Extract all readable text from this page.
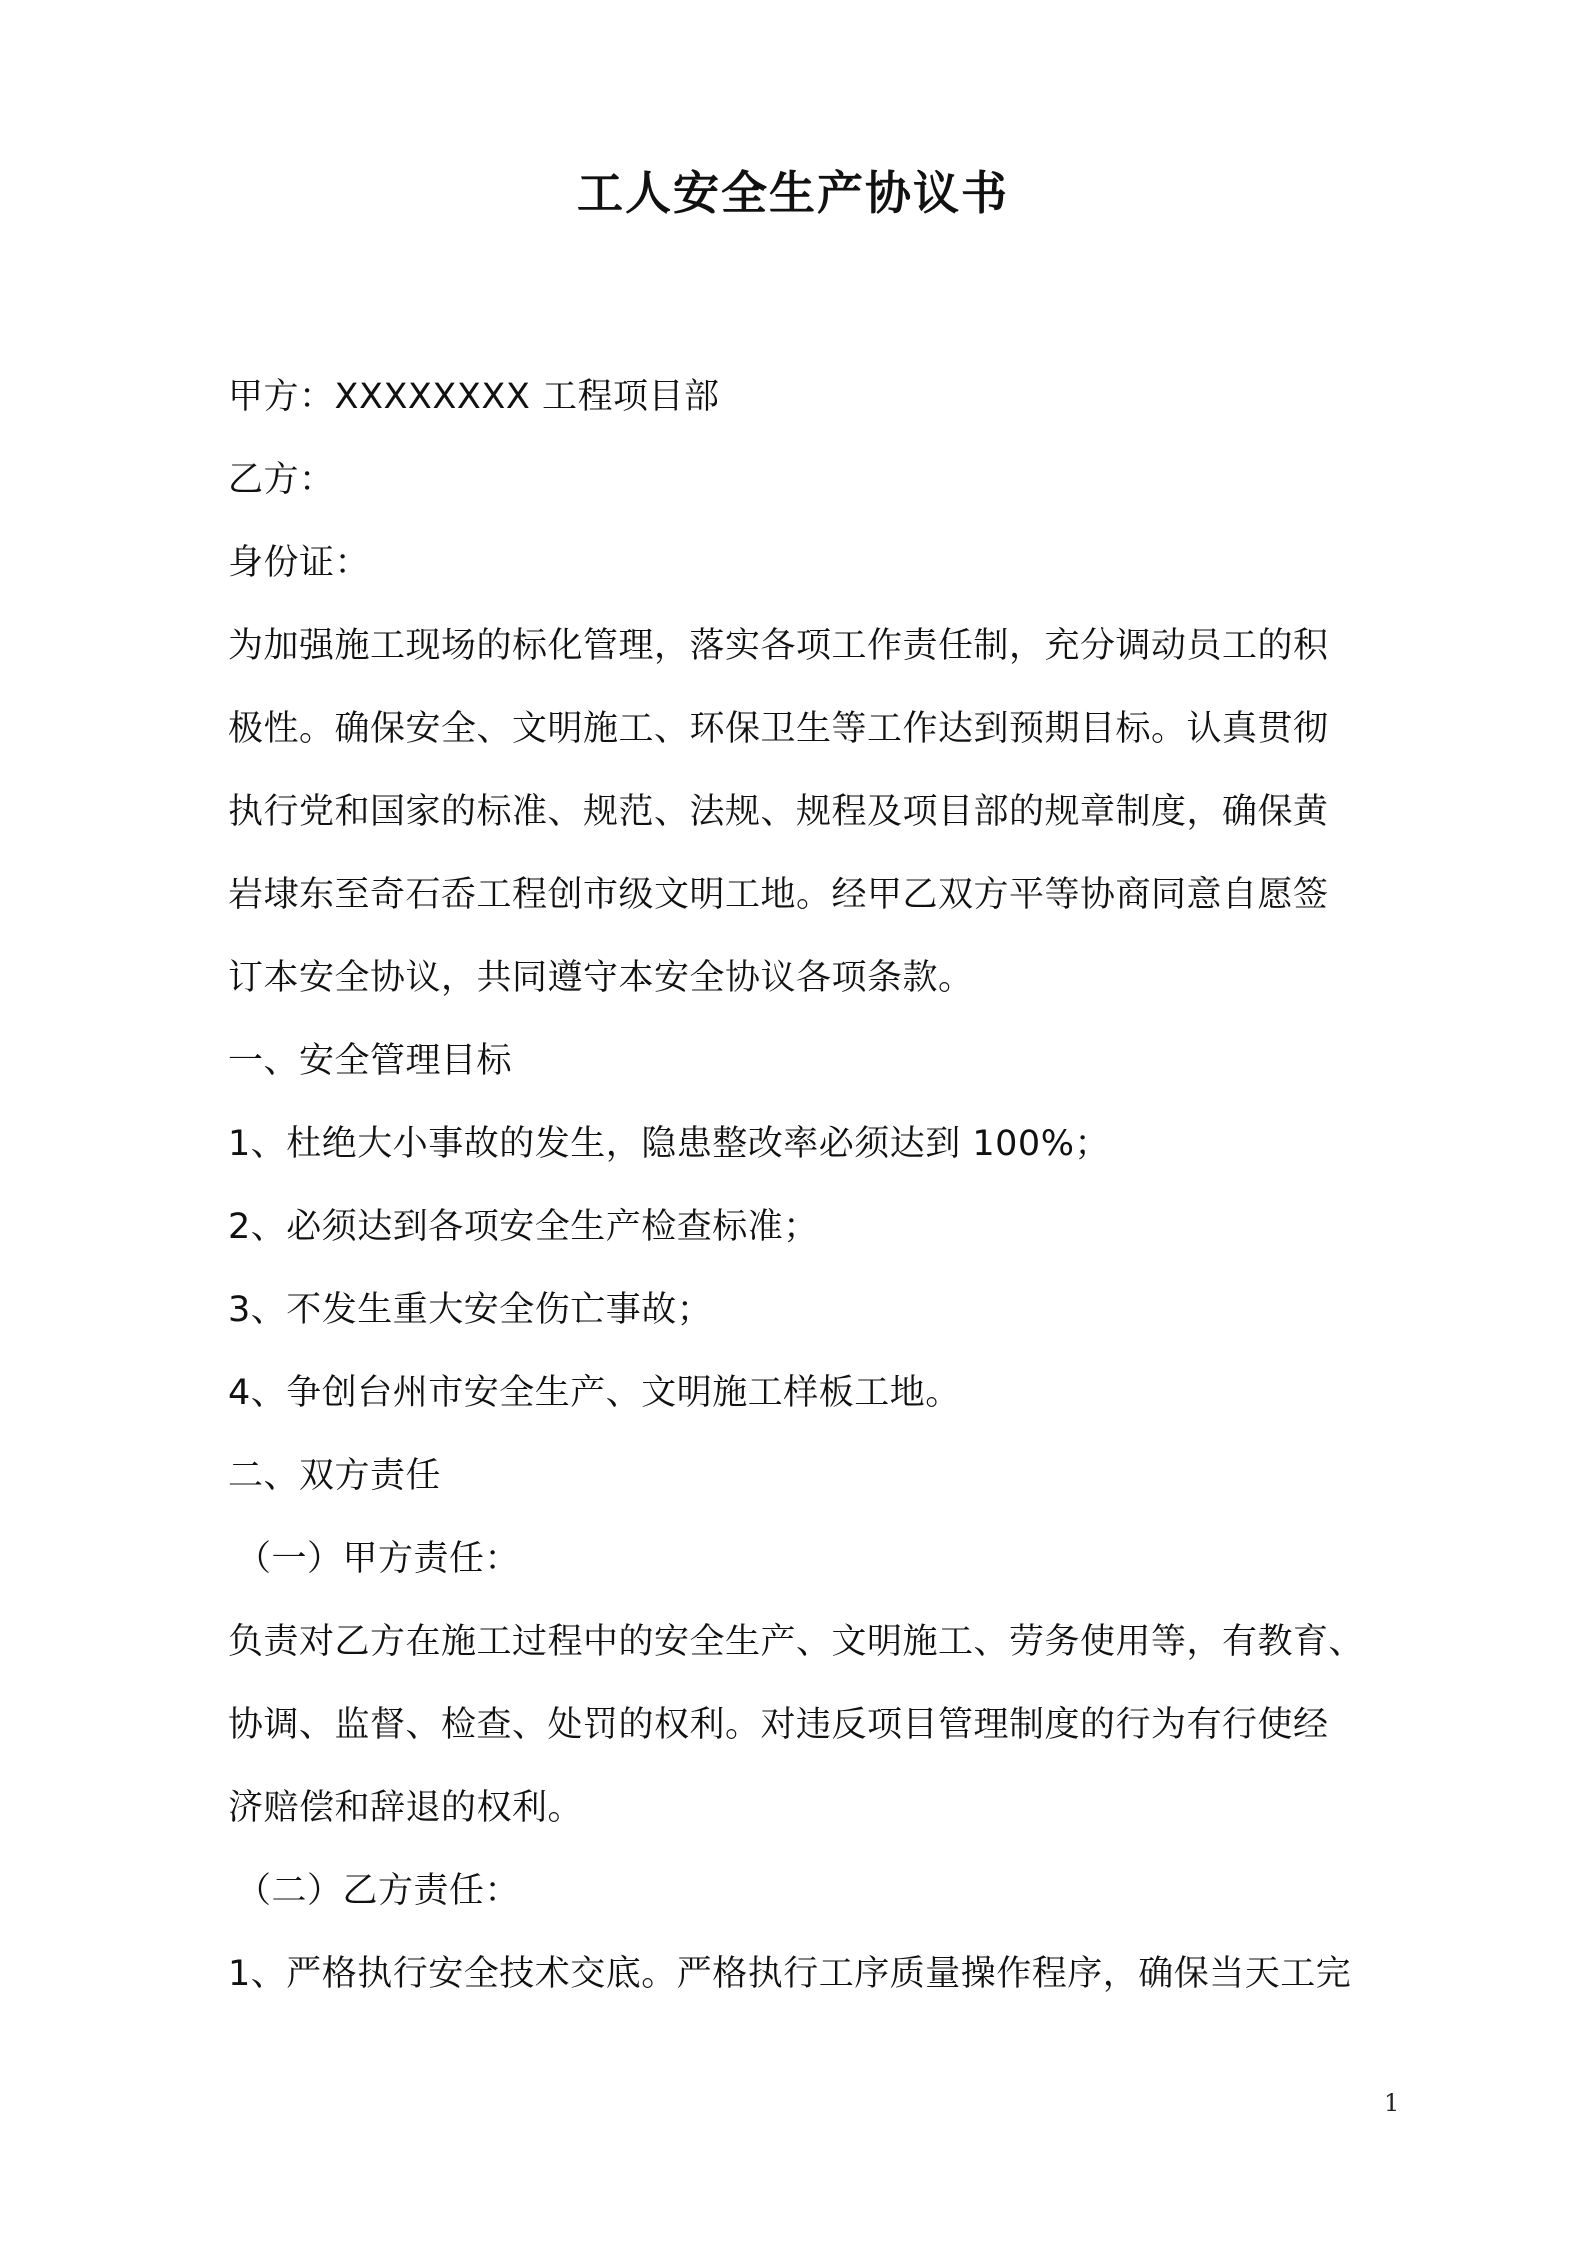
工人安全生产协议书
甲方：XXXXXXXX 工程项目部
乙方：
身份证：
为加强施工现场的标化管理，落实各项工作责任制，充分调动员工的积
极性。确保安全、文明施工、环保卫生等工作达到预期目标。认真贯彻
执行党和国家的标准、规范、法规、规程及项目部的规章制度，确保黄
岩埭东至奇石岙工程创市级文明工地。经甲乙双方平等协商同意自愿签
订本安全协议，共同遵守本安全协议各项条款。
一、安全管理目标
1、杜绝大小事故的发生，隐患整改率必须达到 100%；
2、必须达到各项安全生产检查标准；
3、不发生重大安全伤亡事故；
4、争创台州市安全生产、文明施工样板工地。
二、双方责任
（一）甲方责任：
负责对乙方在施工过程中的安全生产、文明施工、劳务使用等，有教育、
协调、监督、检查、处罚的权利。对违反项目管理制度的行为有行使经
济赔偿和辞退的权利。
（二）乙方责任：
1、严格执行安全技术交底。严格执行工序质量操作程序，确保当天工完
1
